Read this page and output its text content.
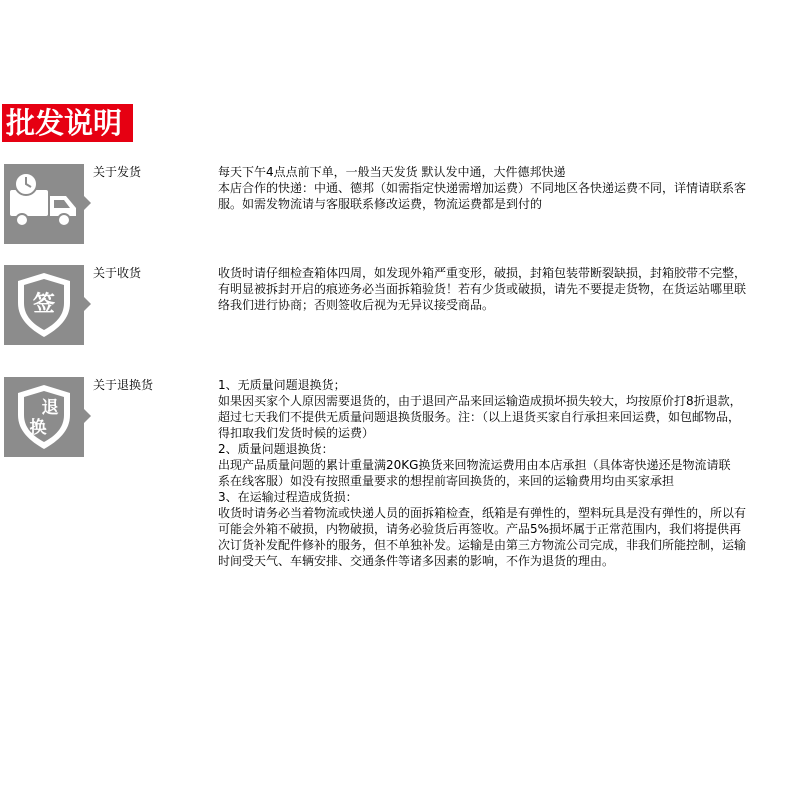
批发说明
关于发货	每天下午4点点前下单，一般当天发货 默认发中通，大件德邦快递
本店合作的快递：中通、德邦（如需指定快递需增加运费）不同地区各快递运费不同，详情请联系客
服。如需发物流请与客服联系修改运费，物流运费都是到付的
签
关于收货	收货时请仔细检查箱体四周，如发现外箱严重变形，破损，封箱包装带断裂缺损，封箱胶带不完整，
有明显被拆封开启的痕迹务必当面拆箱验货！若有少货或破损，请先不要提走货物，在货运站哪里联
络我们进行协商；否则签收后视为无异议接受商品。
退
换
关于退换货	1、无质量问题退换货；
如果因买家个人原因需要退货的，由于退回产品来回运输造成损坏损失较大，均按原价打8折退款，
超过七天我们不提供无质量问题退换货服务。注：（以上退货买家自行承担来回运费，如包邮物品，
得扣取我们发货时候的运费）
2、质量问题退换货：
出现产品质量问题的累计重量满20KG换货来回物流运费用由本店承担（具体寄快递还是物流请联
系在线客服）如没有按照重量要求的想捏前寄回换货的，来回的运输费用均由买家承担
3、在运输过程造成货损：
收货时请务必当着物流或快递人员的面拆箱检查，纸箱是有弹性的，塑料玩具是没有弹性的，所以有
可能会外箱不破损，内物破损，请务必验货后再签收。产品5%损坏属于正常范围内，我们将提供再
次订货补发配件修补的服务，但不单独补发。运输是由第三方物流公司完成，非我们所能控制，运输
时间受天气、车辆安排、交通条件等诸多因素的影响，不作为退货的理由。
